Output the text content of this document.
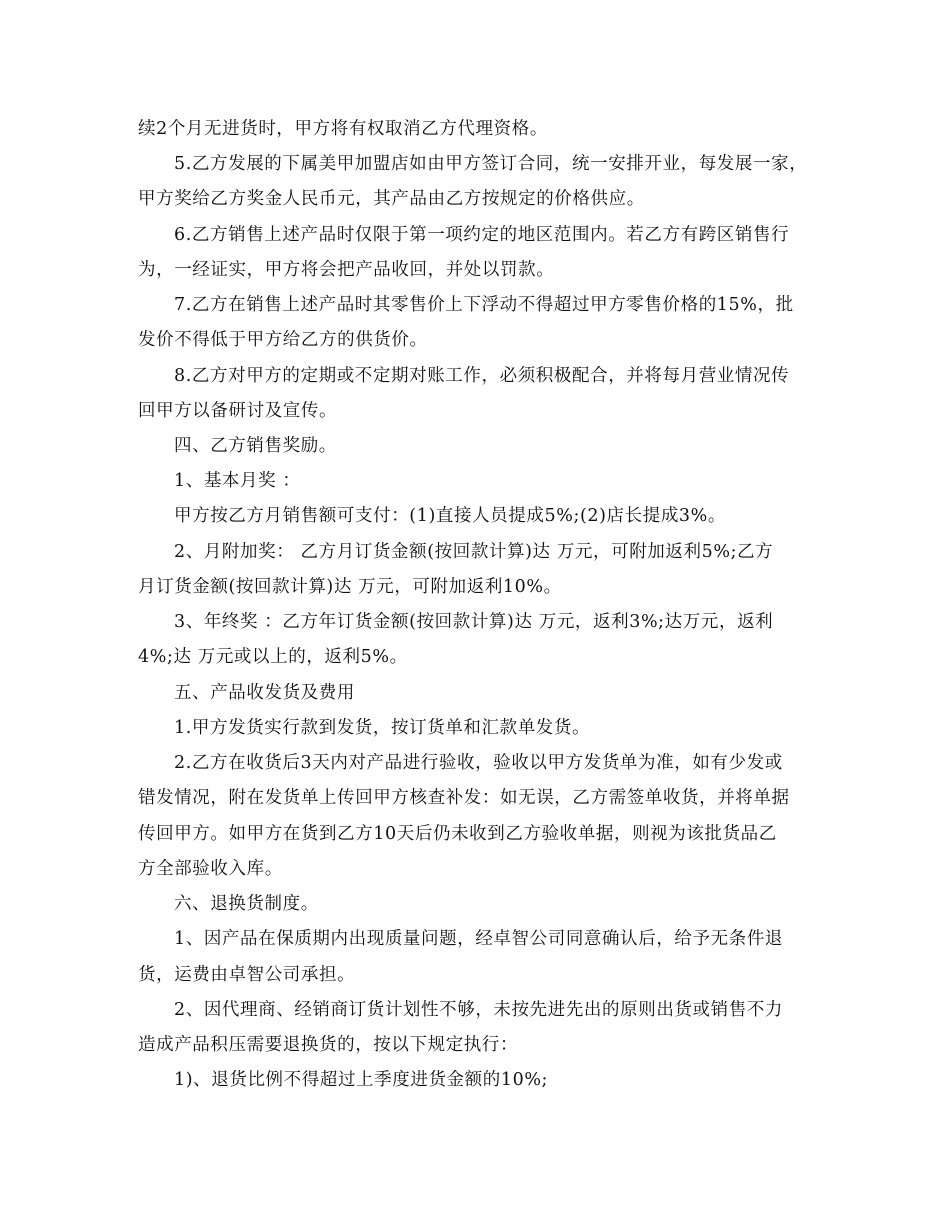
续2个月无进货时，甲方将有权取消乙方代理资格。
5.乙方发展的下属美甲加盟店如由甲方签订合同，统一安排开业，每发展一家，
甲方奖给乙方奖金人民币元，其产品由乙方按规定的价格供应。
6.乙方销售上述产品时仅限于第一项约定的地区范围内。若乙方有跨区销售行
为，一经证实，甲方将会把产品收回，并处以罚款。
7.乙方在销售上述产品时其零售价上下浮动不得超过甲方零售价格的15%，批
发价不得低于甲方给乙方的供货价。
8.乙方对甲方的定期或不定期对账工作，必须积极配合，并将每月营业情况传
回甲方以备研讨及宣传。
四、乙方销售奖励。
1、基本月奖 ：
甲方按乙方月销售额可支付：(1)直接人员提成5%;(2)店长提成3%。
2、月附加奖： 乙方月订货金额(按回款计算)达 万元，可附加返利5%;乙方
月订货金额(按回款计算)达 万元，可附加返利10%。
3、年终奖 ：乙方年订货金额(按回款计算)达 万元，返利3%;达万元，返利
4%;达 万元或以上的，返利5%。
五、产品收发货及费用
1.甲方发货实行款到发货，按订货单和汇款单发货。
2.乙方在收货后3天内对产品进行验收，验收以甲方发货单为准，如有少发或
错发情况，附在发货单上传回甲方核查补发：如无误，乙方需签单收货，并将单据
传回甲方。如甲方在货到乙方10天后仍未收到乙方验收单据，则视为该批货品乙
方全部验收入库。
六、退换货制度。
1、因产品在保质期内出现质量问题，经卓智公司同意确认后，给予无条件退
货，运费由卓智公司承担。
2、因代理商、经销商订货计划性不够，未按先进先出的原则出货或销售不力
造成产品积压需要退换货的，按以下规定执行：
1)、退货比例不得超过上季度进货金额的10%;
